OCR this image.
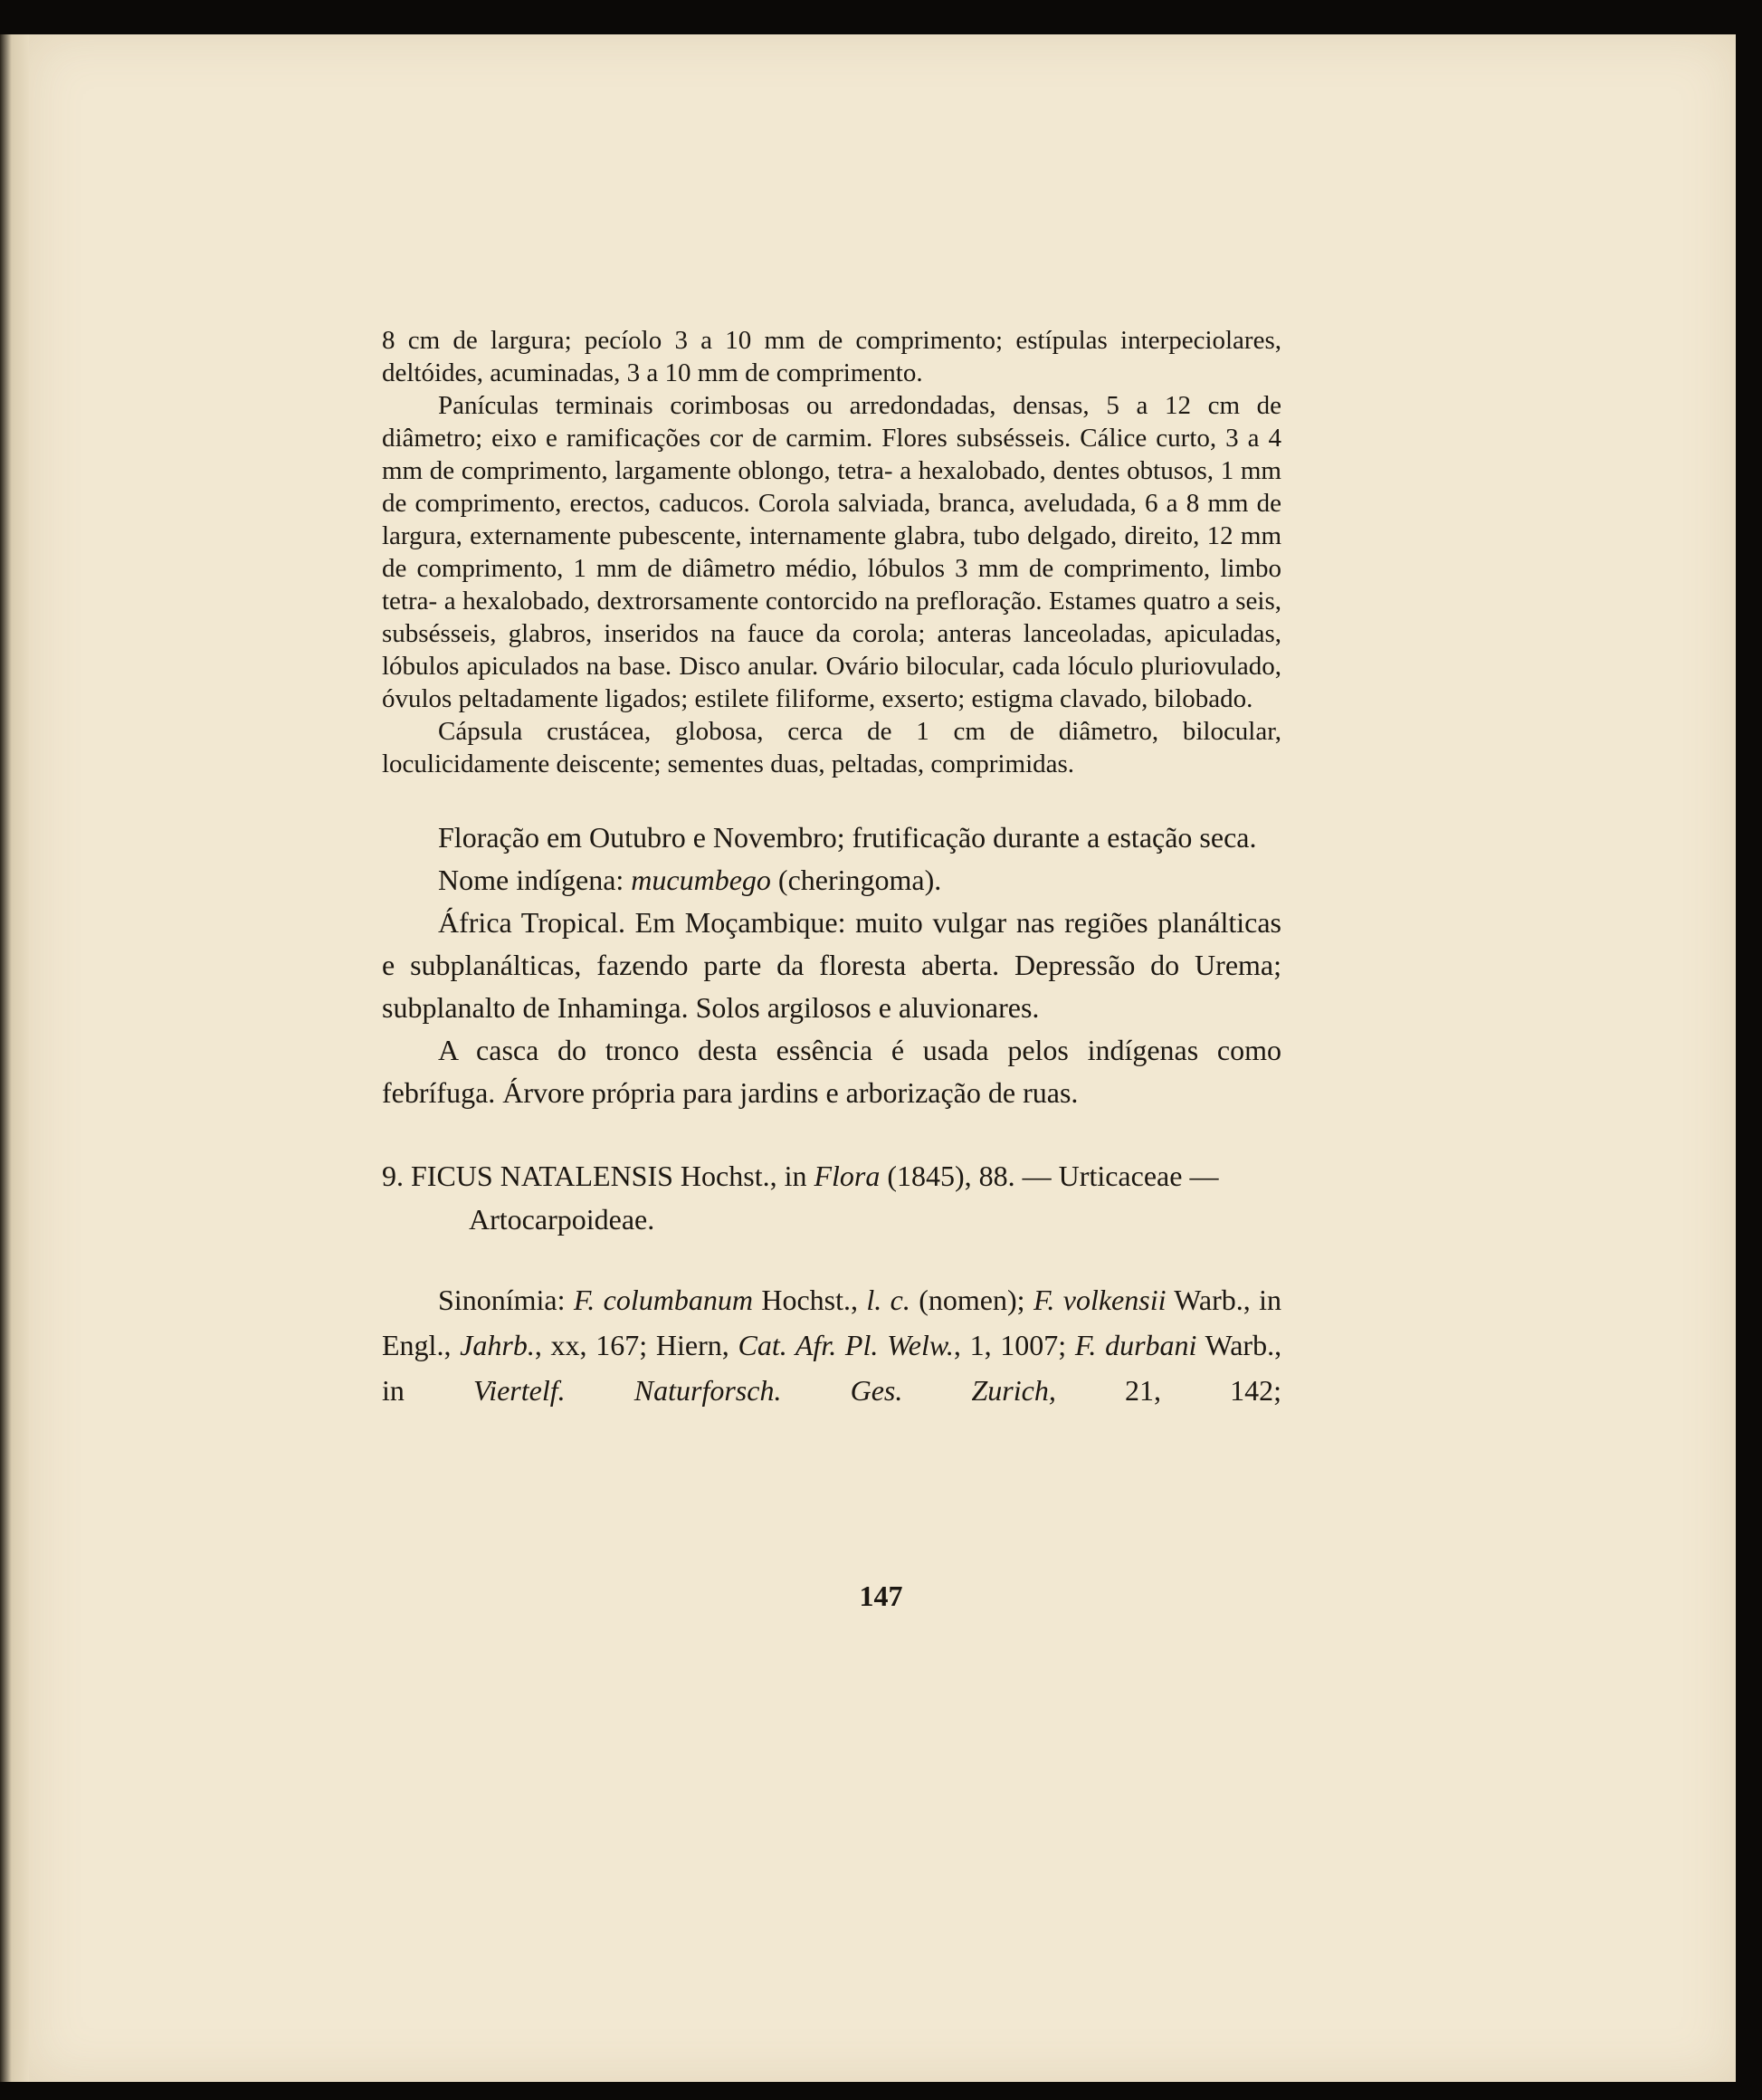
8 cm de largura; pecíolo 3 a 10 mm de comprimento; estípulas interpeciolares, deltóides, acuminadas, 3 a 10 mm de comprimento.

Panículas terminais corimbosas ou arredondadas, densas, 5 a 12 cm de diâmetro; eixo e ramificações cor de carmim. Flores subsésseis. Cálice curto, 3 a 4 mm de comprimento, largamente oblongo, tetra- a hexalobado, dentes obtusos, 1 mm de comprimento, erectos, caducos. Corola salviada, branca, aveludada, 6 a 8 mm de largura, externamente pubescente, internamente glabra, tubo delgado, direito, 12 mm de comprimento, 1 mm de diâmetro médio, lóbulos 3 mm de comprimento, limbo tetra- a hexalobado, dextrorsamente contorcido na prefloração. Estames quatro a seis, subsésseis, glabros, inseridos na fauce da corola; anteras lanceoladas, apiculadas, lóbulos apiculados na base. Disco anular. Ovário bilocular, cada lóculo pluriovulado, óvulos peltadamente ligados; estilete filiforme, exserto; estigma clavado, bilobado.

Cápsula crustácea, globosa, cerca de 1 cm de diâmetro, bilocular, loculicidamente deiscente; sementes duas, peltadas, comprimidas.

Floração em Outubro e Novembro; frutificação durante a estação seca.

Nome indígena: mucumbego (cheringoma).

África Tropical. Em Moçambique: muito vulgar nas regiões planálticas e subplanálticas, fazendo parte da floresta aberta. Depressão do Urema; subplanalto de Inhaminga. Solos argilosos e aluvionares.

A casca do tronco desta essência é usada pelos indígenas como febrífuga. Árvore própria para jardins e arborização de ruas.

9. FICUS NATALENSIS Hochst., in Flora (1845), 88. — Urticaceae — Artocarpoideae.
Sinonímia: F. columbanum Hochst., l. c. (nomen); F. volkensii Warb., in Engl., Jahrb., xx, 167; Hiern, Cat. Afr. Pl. Welw., 1, 1007; F. durbani Warb., in Viertelf. Naturforsch. Ges. Zurich, 21, 142;
147
